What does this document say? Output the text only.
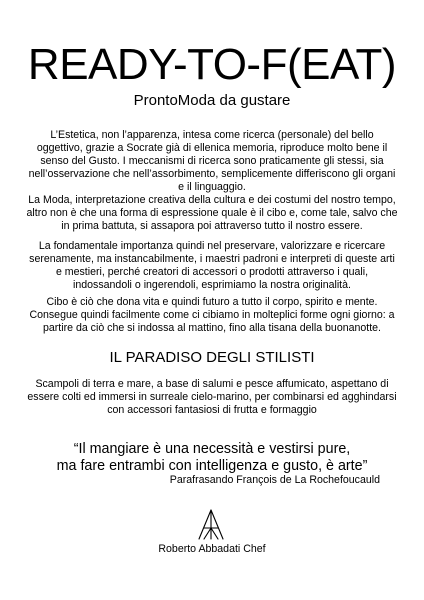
READY-TO-F(EAT)

ProntoModa da gustare

L’Estetica, non l’apparenza, intesa come ricerca (personale) del bello oggettivo, grazie a Socrate già di ellenica memoria, riproduce molto bene il senso del Gusto. I meccanismi di ricerca sono praticamente gli stessi, sia nell’osservazione che nell’assorbimento, semplicemente differiscono gli organi e il linguaggio.

La Moda, interpretazione creativa della cultura e dei costumi del nostro tempo, altro non è che una forma di espressione quale è il cibo e, come tale, salvo che in prima battuta, si assapora poi attraverso tutto il nostro essere.

La fondamentale importanza quindi nel preservare, valorizzare e ricercare serenamente, ma instancabilmente, i maestri padroni e interpreti di queste arti e mestieri, perché creatori di accessori o prodotti attraverso i quali, indossandoli o ingerendoli, esprimiamo la nostra originalità.

Cibo è ciò che dona vita e quindi futuro a tutto il corpo, spirito e mente. Consegue quindi facilmente come ci cibiamo in molteplici forme ogni giorno: a partire da ciò che si indossa al mattino, fino alla tisana della buonanotte.

IL PARADISO DEGLI STILISTI

Scampoli di terra e mare, a base di salumi e pesce affumicato, aspettano di essere colti ed immersi in surreale cielo-marino, per combinarsi ed agghindarsi con accessori fantasiosi di frutta e formaggio

“Il mangiare è una necessità e vestirsi pure,
ma fare entrambi con intelligenza e gusto, è arte”

Parafrasando François de La Rochefoucauld

Roberto Abbadati Chef
